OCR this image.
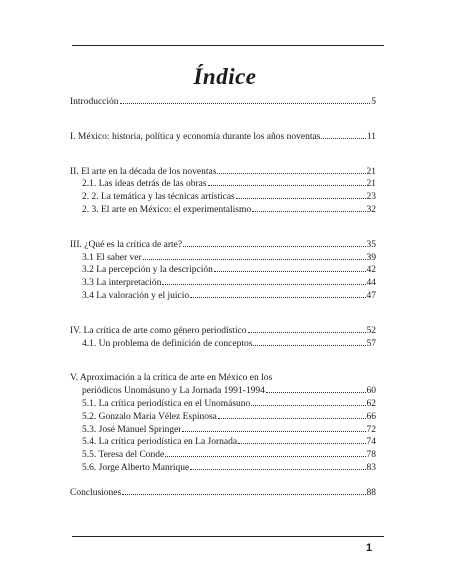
Índice
Introducción	5
I. México: historia, política y economía durante los años noventas	11
II. El arte en la década de los noventas	21
2.1. Las ideas detrás de las obras	21
2. 2. La temática y las técnicas artísticas	23
2. 3. El arte en México: el experimentalismo	32
III. ¿Qué es la crítica de arte?	35
3.1 El saber ver	39
3.2 La percepción y la descripción	42
3.3 La interpretación	44
3.4 La valoración y el juicio	47
IV. La crítica de arte como género periodístico	52
4.1. Un problema de definición de conceptos	57
V. Aproximación a la crítica de arte en México en los
periódicos Unomásuno y La Jornada 1991-1994	60
5.1. La crítica periodística en el Unomásuno	62
5.2. Gonzalo María Vélez Espinosa	66
5.3. José Manuel Springer	72
5.4. La crítica periodística en La Jornada	74
5.5. Teresa del Conde	78
5.6. Jorge Alberto Manrique	83
Conclusiones	88
1
